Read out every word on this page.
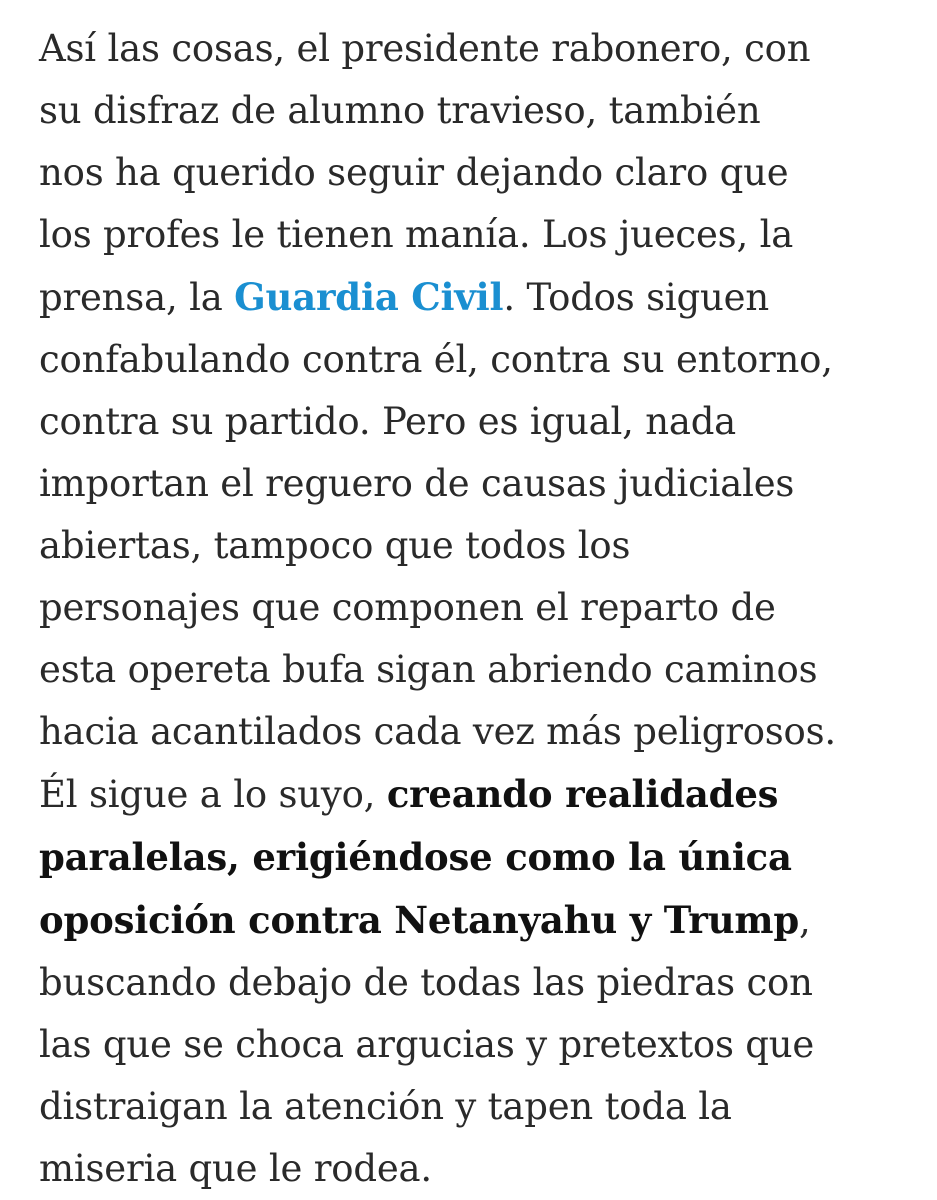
Así las cosas, el presidente rabonero, con
su disfraz de alumno travieso, también
nos ha querido seguir dejando claro que
los profes le tienen manía. Los jueces, la
prensa, la Guardia Civil. Todos siguen
confabulando contra él, contra su entorno,
contra su partido. Pero es igual, nada
importan el reguero de causas judiciales
abiertas, tampoco que todos los
personajes que componen el reparto de
esta opereta bufa sigan abriendo caminos
hacia acantilados cada vez más peligrosos.
Él sigue a lo suyo, creando realidades
paralelas, erigiéndose como la única
oposición contra Netanyahu y Trump,
buscando debajo de todas las piedras con
las que se choca argucias y pretextos que
distraigan la atención y tapen toda la
miseria que le rodea.
